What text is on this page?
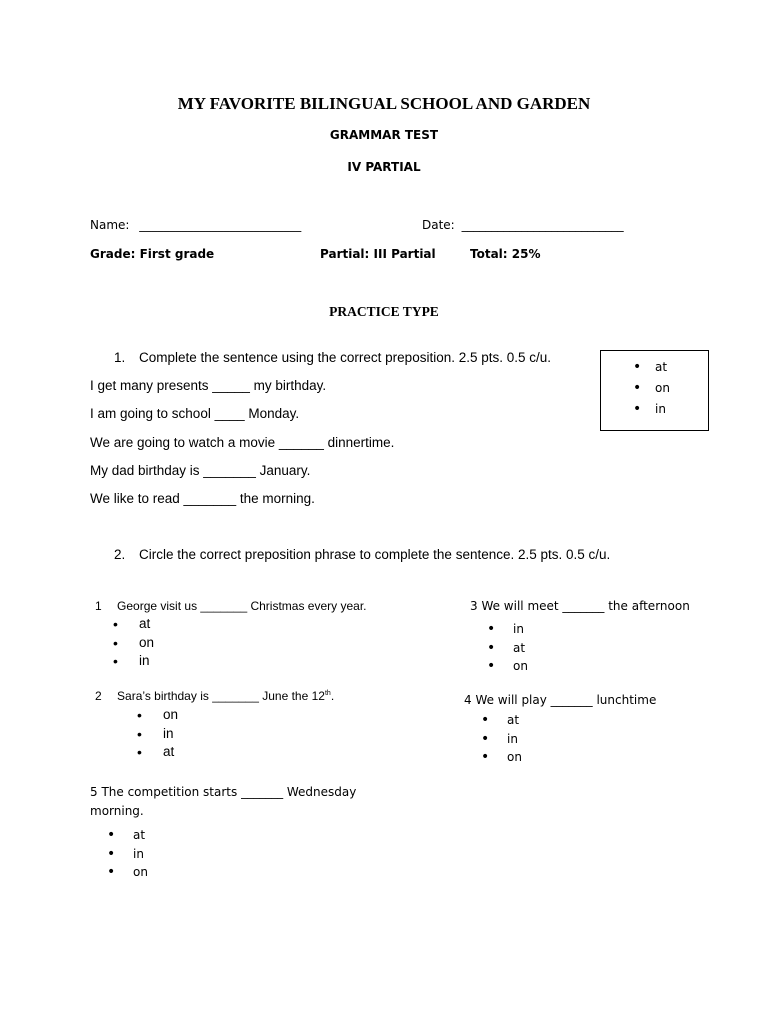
MY FAVORITE BILINGUAL SCHOOL AND GARDEN
GRAMMAR TEST
IV PARTIAL
Name: ___________________________	Date: ___________________________
Grade: First grade	Partial: III Partial	Total: 25%
PRACTICE TYPE
1. Complete the sentence using the correct preposition. 2.5 pts. 0.5 c/u.
I get many presents _____ my birthday.
I am going to school ____ Monday.
We are going to watch a movie ______ dinnertime.
My dad birthday is _______ January.
We like to read _______ the morning.
• at
• on
• in
2. Circle the correct preposition phrase to complete the sentence. 2.5 pts. 0.5 c/u.
1 George visit us _______ Christmas every year.
• at
• on
• in
2 Sara’s birthday is _______ June the 12th.
• on
• in
• at
3 We will meet _______ the afternoon
• in
• at
• on
4 We will play _______ lunchtime
• at
• in
• on
5 The competition starts _______ Wednesday
morning.
• at
• in
• on
